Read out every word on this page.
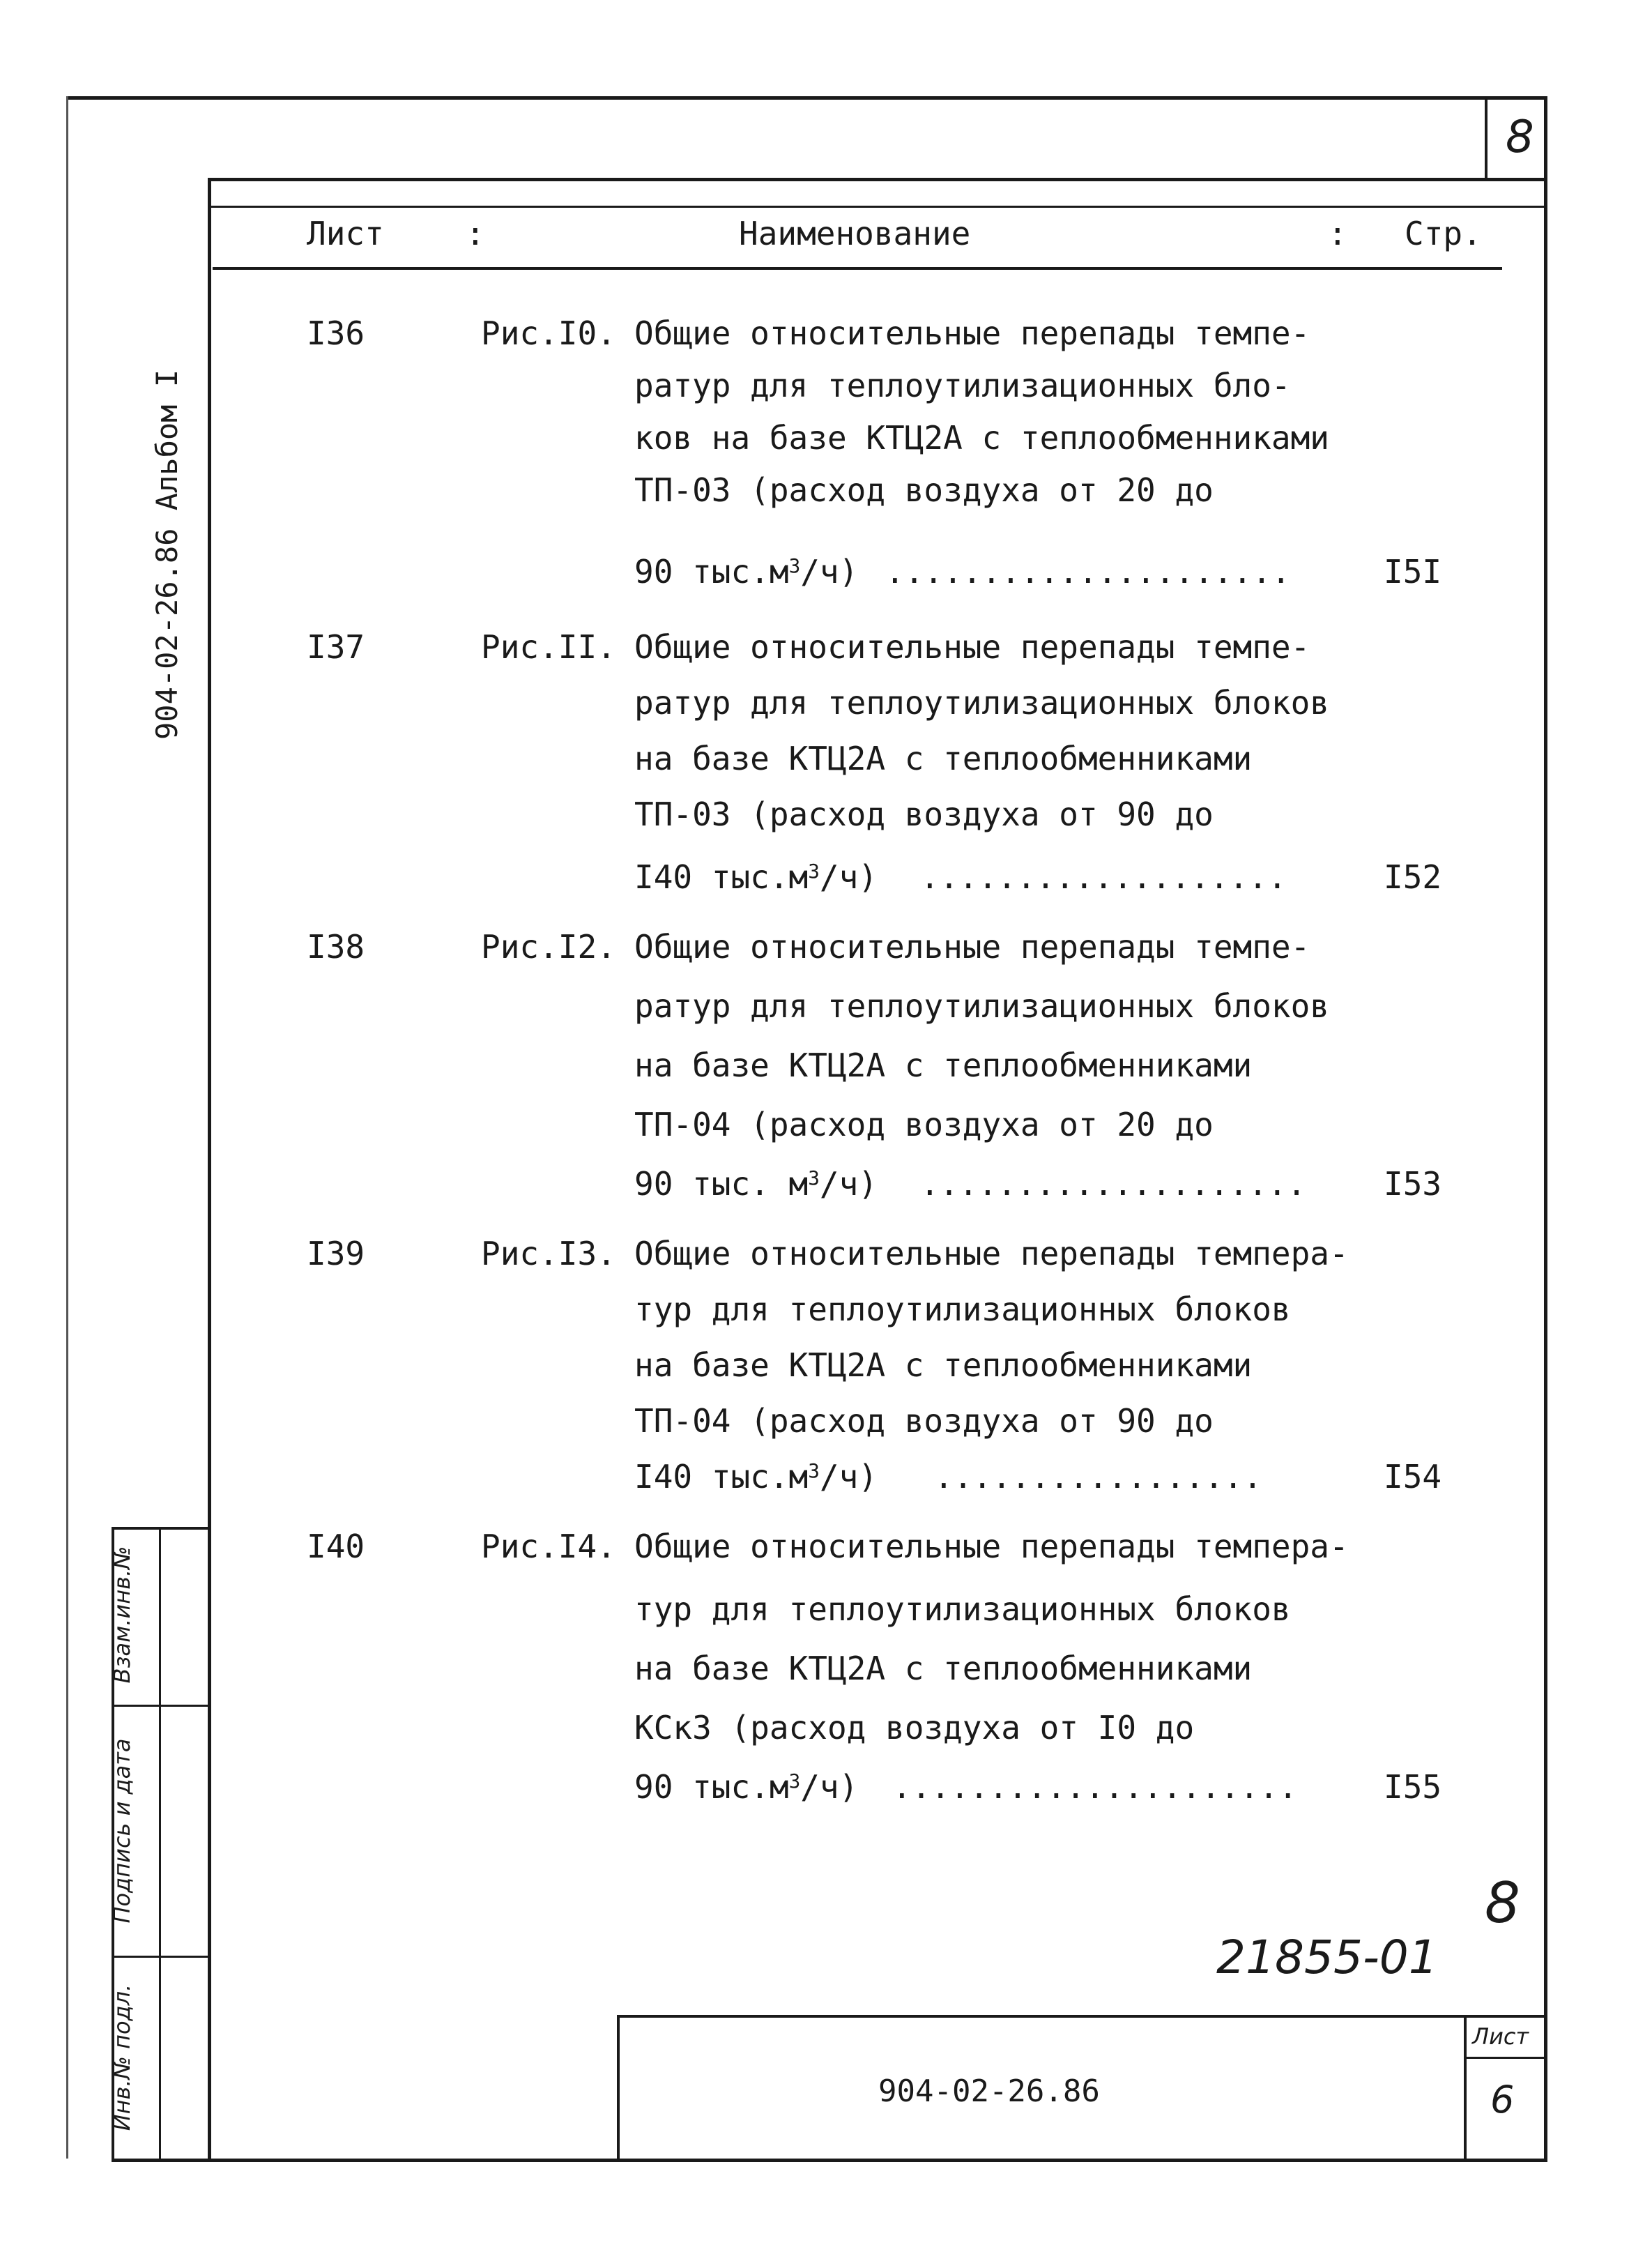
8
Лист	:	Наименование	: Стр.
904-02-26.86 Альбом I
Инв.№ подл.
Подпись и дата
Взам.инв.№
I36	Рис.I0. Общие относительные перепады темпе-
ратур для теплоутилизационных бло-
ков на базе КТЦ2А с теплообменниками
ТП-03 (расход воздуха от 20 до
90 $тыс.м^3/ч$) .....................	I5I
I37	Рис.II. Общие относительные перепады темпе-
ратур для теплоутилизационных блоков
на базе КТЦ2А с теплообменниками
ТП-03 (расход воздуха от 90 до
I40 $тыс.м^3/ч$) ...................	I52
I38	Рис.I2. Общие относительные перепады темпе-
ратур для теплоутилизационных блоков
на базе КТЦ2А с теплообменниками
ТП-04 (расход воздуха от 20 до
90 тыс. $м^3/ч$) .................... I53
I39	Рис.I3. Общие относительные перепады темпера-
тур для теплоутилизационных блоков
на базе КТЦ2А с теплообменниками
ТП-04 (расход воздуха от 90 до
I40 $тыс.м^3/ч$) .................	I54
I40	Рис.I4. Общие относительные перепады темпера-
тур для теплоутилизационных блоков
на базе КТЦ2А с теплообменниками
КСк3 (расход воздуха от I0 до
90 $тыс.м^3/ч$) .....................	I55
8
21855-01
904-02-26.86
Лист
6
